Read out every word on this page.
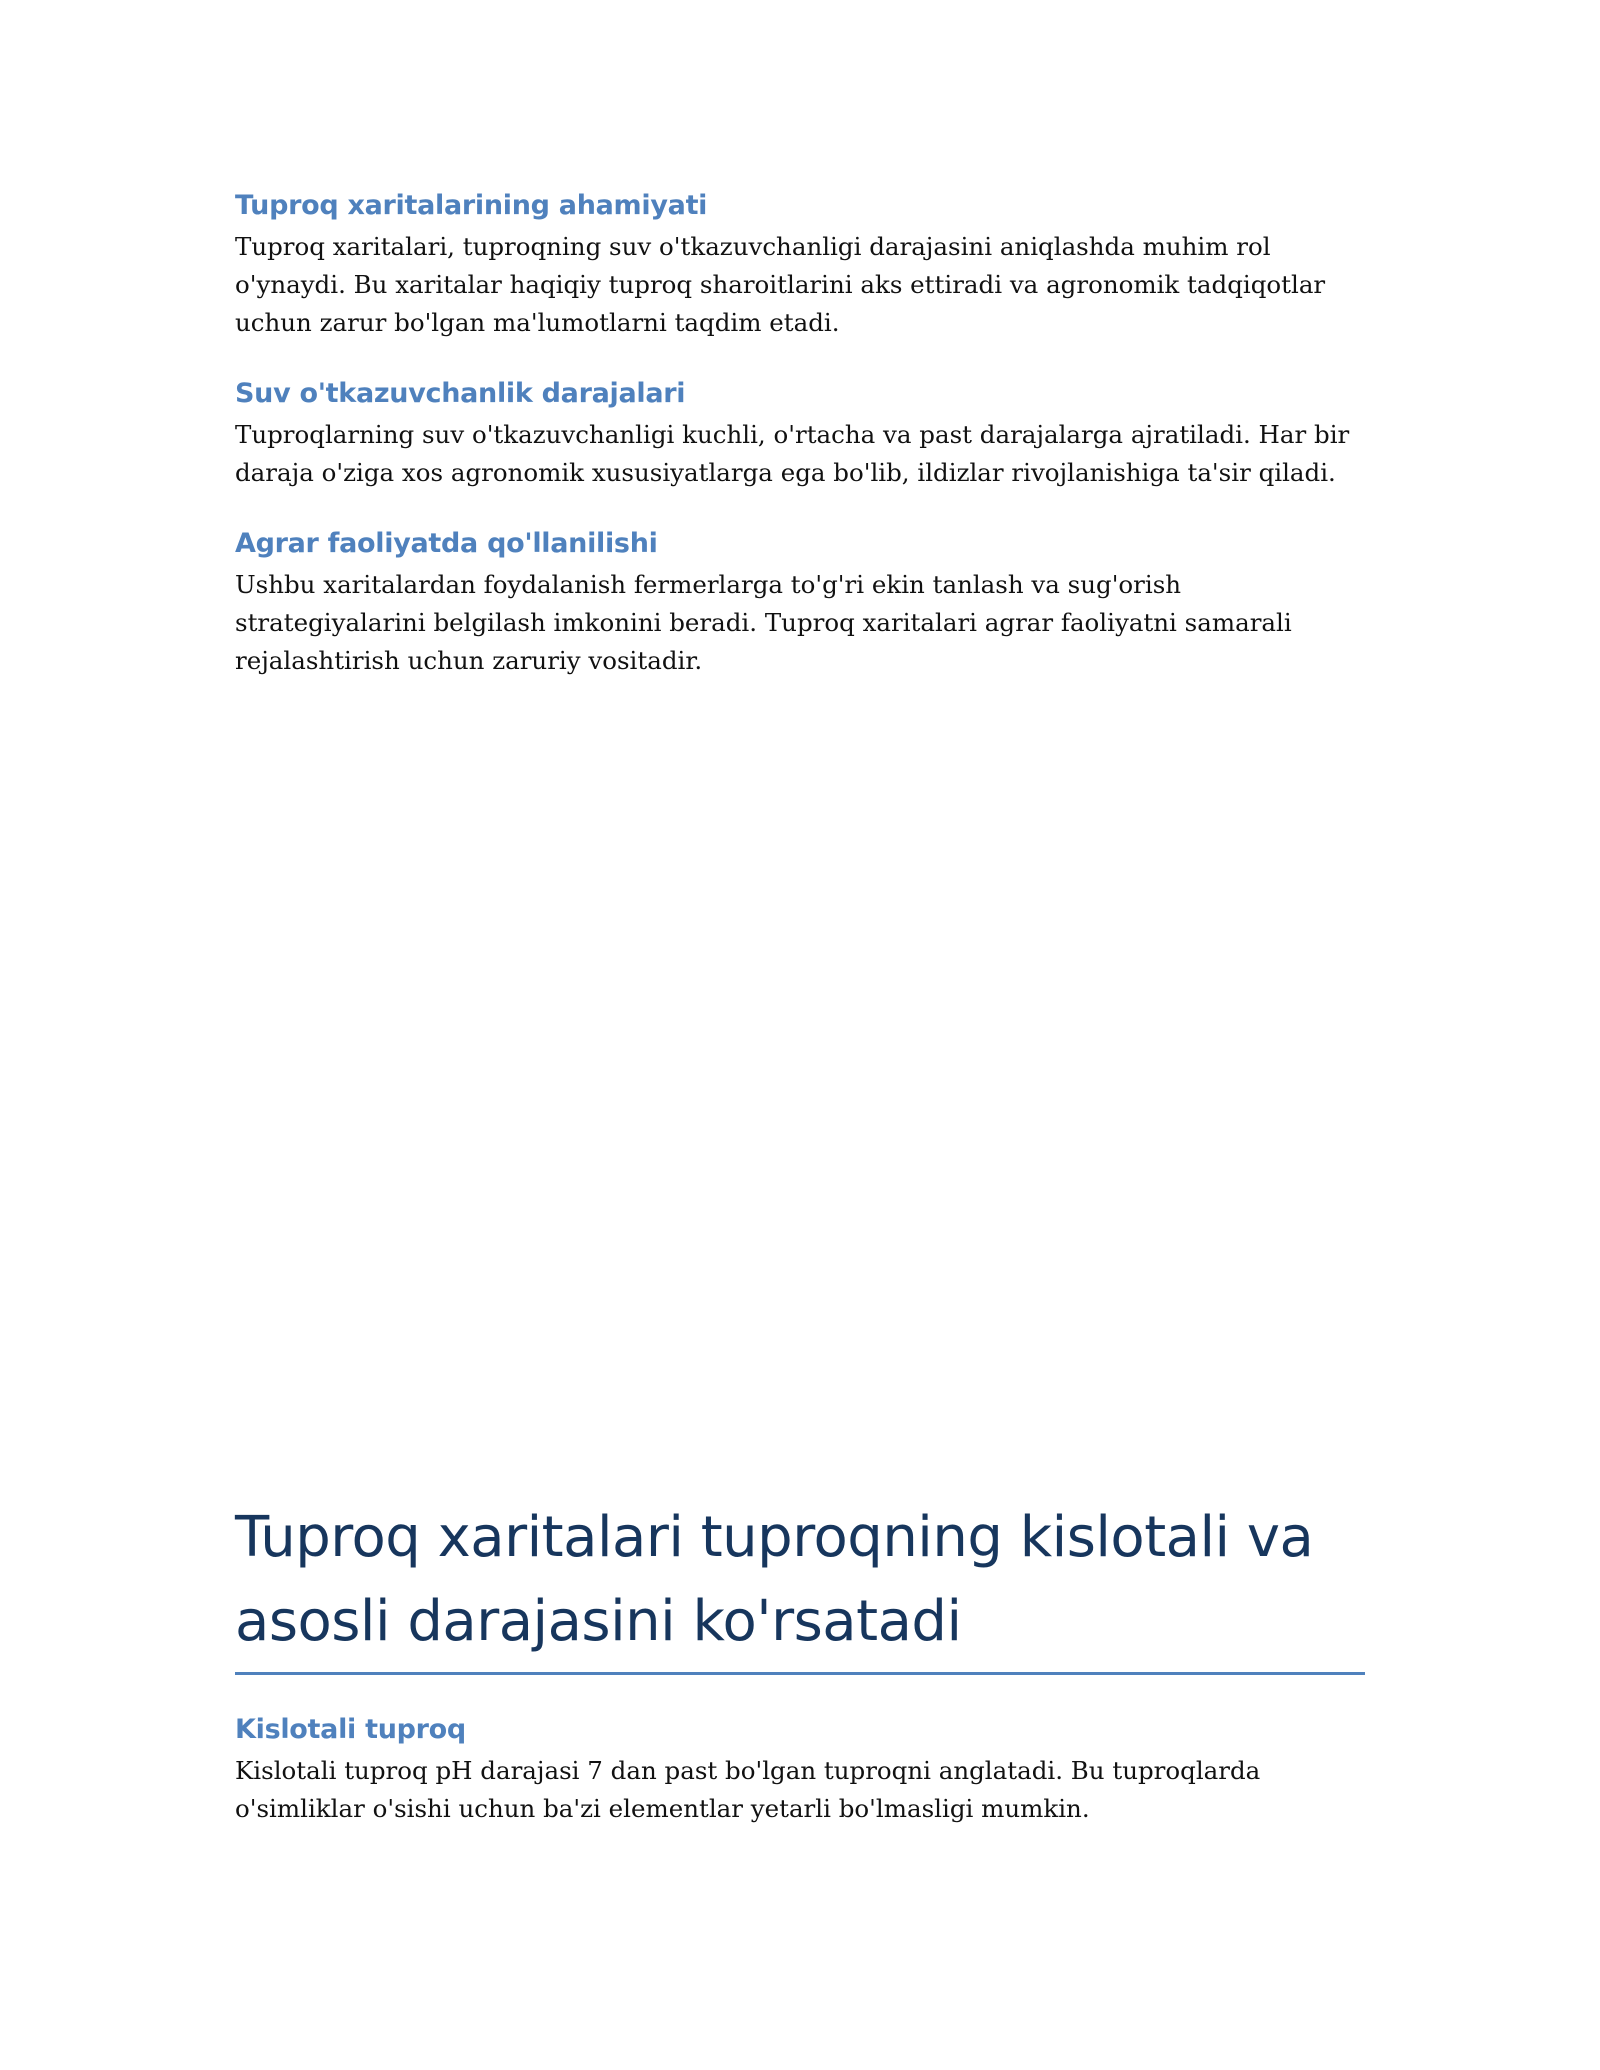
Tuproq xaritalarining ahamiyati

Tuproq xaritalari, tuproqning suv o'tkazuvchanligi darajasini aniqlashda muhim rol o'ynaydi. Bu xaritalar haqiqiy tuproq sharoitlarini aks ettiradi va agronomik tadqiqotlar uchun zarur bo'lgan ma'lumotlarni taqdim etadi.

Suv o'tkazuvchanlik darajalari

Tuproqlarning suv o'tkazuvchanligi kuchli, o'rtacha va past darajalarga ajratiladi. Har bir daraja o'ziga xos agronomik xususiyatlarga ega bo'lib, ildizlar rivojlanishiga ta'sir qiladi.

Agrar faoliyatda qo'llanilishi

Ushbu xaritalardan foydalanish fermerlarga to'g'ri ekin tanlash va sug'orish strategiyalarini belgilash imkonini beradi. Tuproq xaritalari agrar faoliyatni samarali rejalashtirish uchun zaruriy vositadir.

Tuproq xaritalari tuproqning kislotali va asosli darajasini ko'rsatadi
Kislotali tuproq

Kislotali tuproq pH darajasi 7 dan past bo'lgan tuproqni anglatadi. Bu tuproqlarda o'simliklar o'sishi uchun ba'zi elementlar yetarli bo'lmasligi mumkin.
